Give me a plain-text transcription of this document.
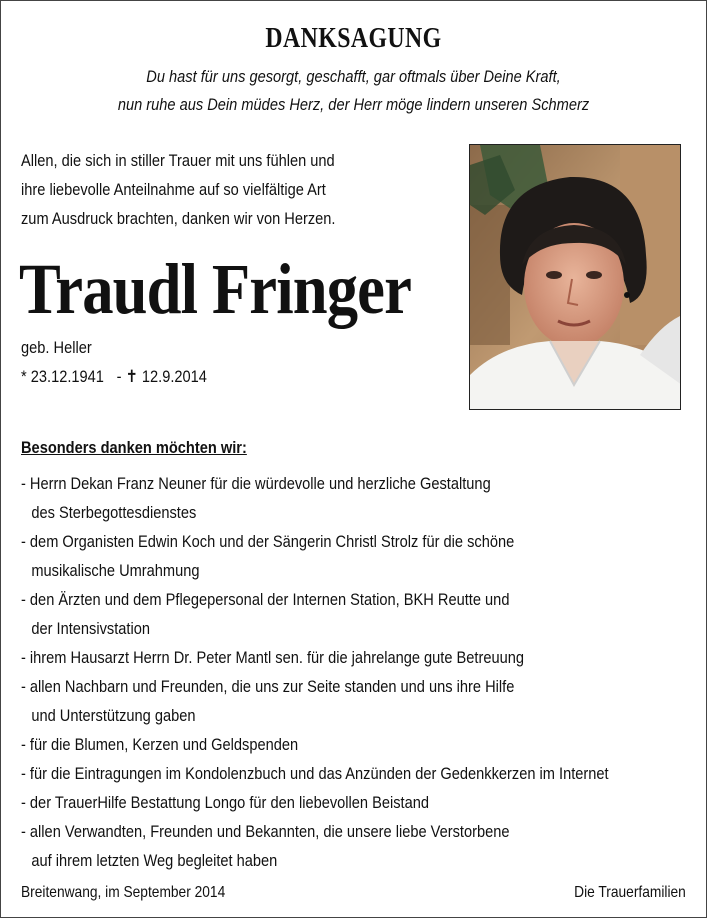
DANKSAGUNG
Du hast für uns gesorgt, geschafft, gar oftmals über Deine Kraft,
nun ruhe aus Dein müdes Herz, der Herr möge lindern unseren Schmerz
Allen, die sich in stiller Trauer mit uns fühlen und
ihre liebevolle Anteilnahme auf so vielfältige Art
zum Ausdruck brachten, danken wir von Herzen.
Traudl Fringer
geb. Heller
* 23.12.1941 - ✝ 12.9.2014
Besonders danken möchten wir:
- Herrn Dekan Franz Neuner für die würdevolle und herzliche Gestaltung
des Sterbegottesdienstes
- dem Organisten Edwin Koch und der Sängerin Christl Strolz für die schöne
musikalische Umrahmung
- den Ärzten und dem Pflegepersonal der Internen Station, BKH Reutte und
der Intensivstation
- ihrem Hausarzt Herrn Dr. Peter Mantl sen. für die jahrelange gute Betreuung
- allen Nachbarn und Freunden, die uns zur Seite standen und uns ihre Hilfe
und Unterstützung gaben
- für die Blumen, Kerzen und Geldspenden
- für die Eintragungen im Kondolenzbuch und das Anzünden der Gedenkkerzen im Internet
- der TrauerHilfe Bestattung Longo für den liebevollen Beistand
- allen Verwandten, Freunden und Bekannten, die unsere liebe Verstorbene
auf ihrem letzten Weg begleitet haben
Breitenwang, im September 2014	Die Trauerfamilien
